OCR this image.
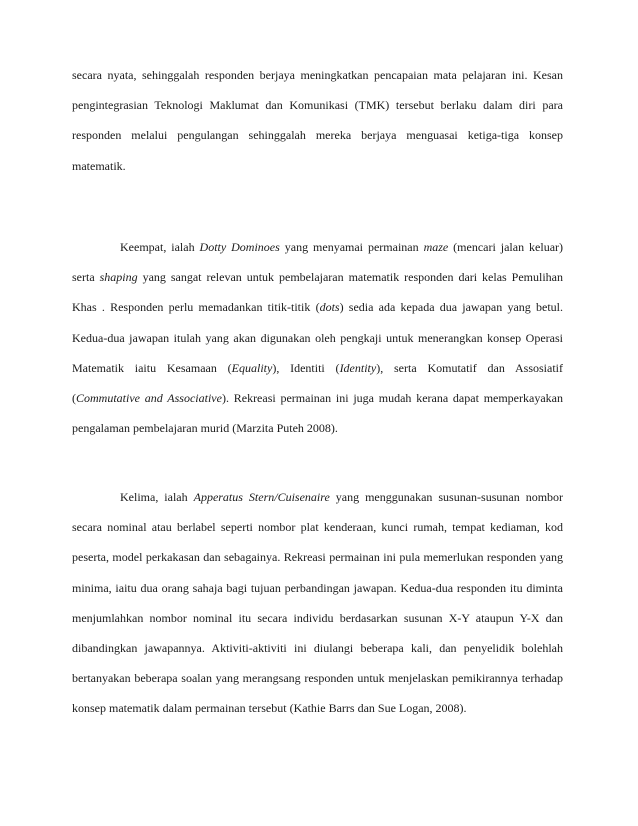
secara nyata, sehinggalah responden berjaya meningkatkan pencapaian mata pelajaran ini. Kesan pengintegrasian Teknologi Maklumat dan Komunikasi (TMK) tersebut berlaku dalam diri para responden melalui pengulangan sehinggalah mereka berjaya menguasai ketiga-tiga konsep matematik.

Keempat, ialah Dotty Dominoes yang menyamai permainan maze (mencari jalan keluar) serta shaping yang sangat relevan untuk pembelajaran matematik responden dari kelas Pemulihan Khas . Responden perlu memadankan titik-titik (dots) sedia ada kepada dua jawapan yang betul. Kedua-dua jawapan itulah yang akan digunakan oleh pengkaji untuk menerangkan konsep Operasi Matematik iaitu Kesamaan (Equality), Identiti (Identity), serta Komutatif dan Assosiatif (Commutative and Associative). Rekreasi permainan ini juga mudah kerana dapat memperkayakan pengalaman pembelajaran murid (Marzita Puteh 2008).

Kelima, ialah Apperatus Stern/Cuisenaire yang menggunakan susunan-susunan nombor secara nominal atau berlabel seperti nombor plat kenderaan, kunci rumah, tempat kediaman, kod peserta, model perkakasan dan sebagainya. Rekreasi permainan ini pula memerlukan responden yang minima, iaitu dua orang sahaja bagi tujuan perbandingan jawapan. Kedua-dua responden itu diminta menjumlahkan nombor nominal itu secara individu berdasarkan susunan X-Y ataupun Y-X dan dibandingkan jawapannya. Aktiviti-aktiviti ini diulangi beberapa kali, dan penyelidik bolehlah bertanyakan beberapa soalan yang merangsang responden untuk menjelaskan pemikirannya terhadap konsep matematik dalam permainan tersebut (Kathie Barrs dan Sue Logan, 2008).
